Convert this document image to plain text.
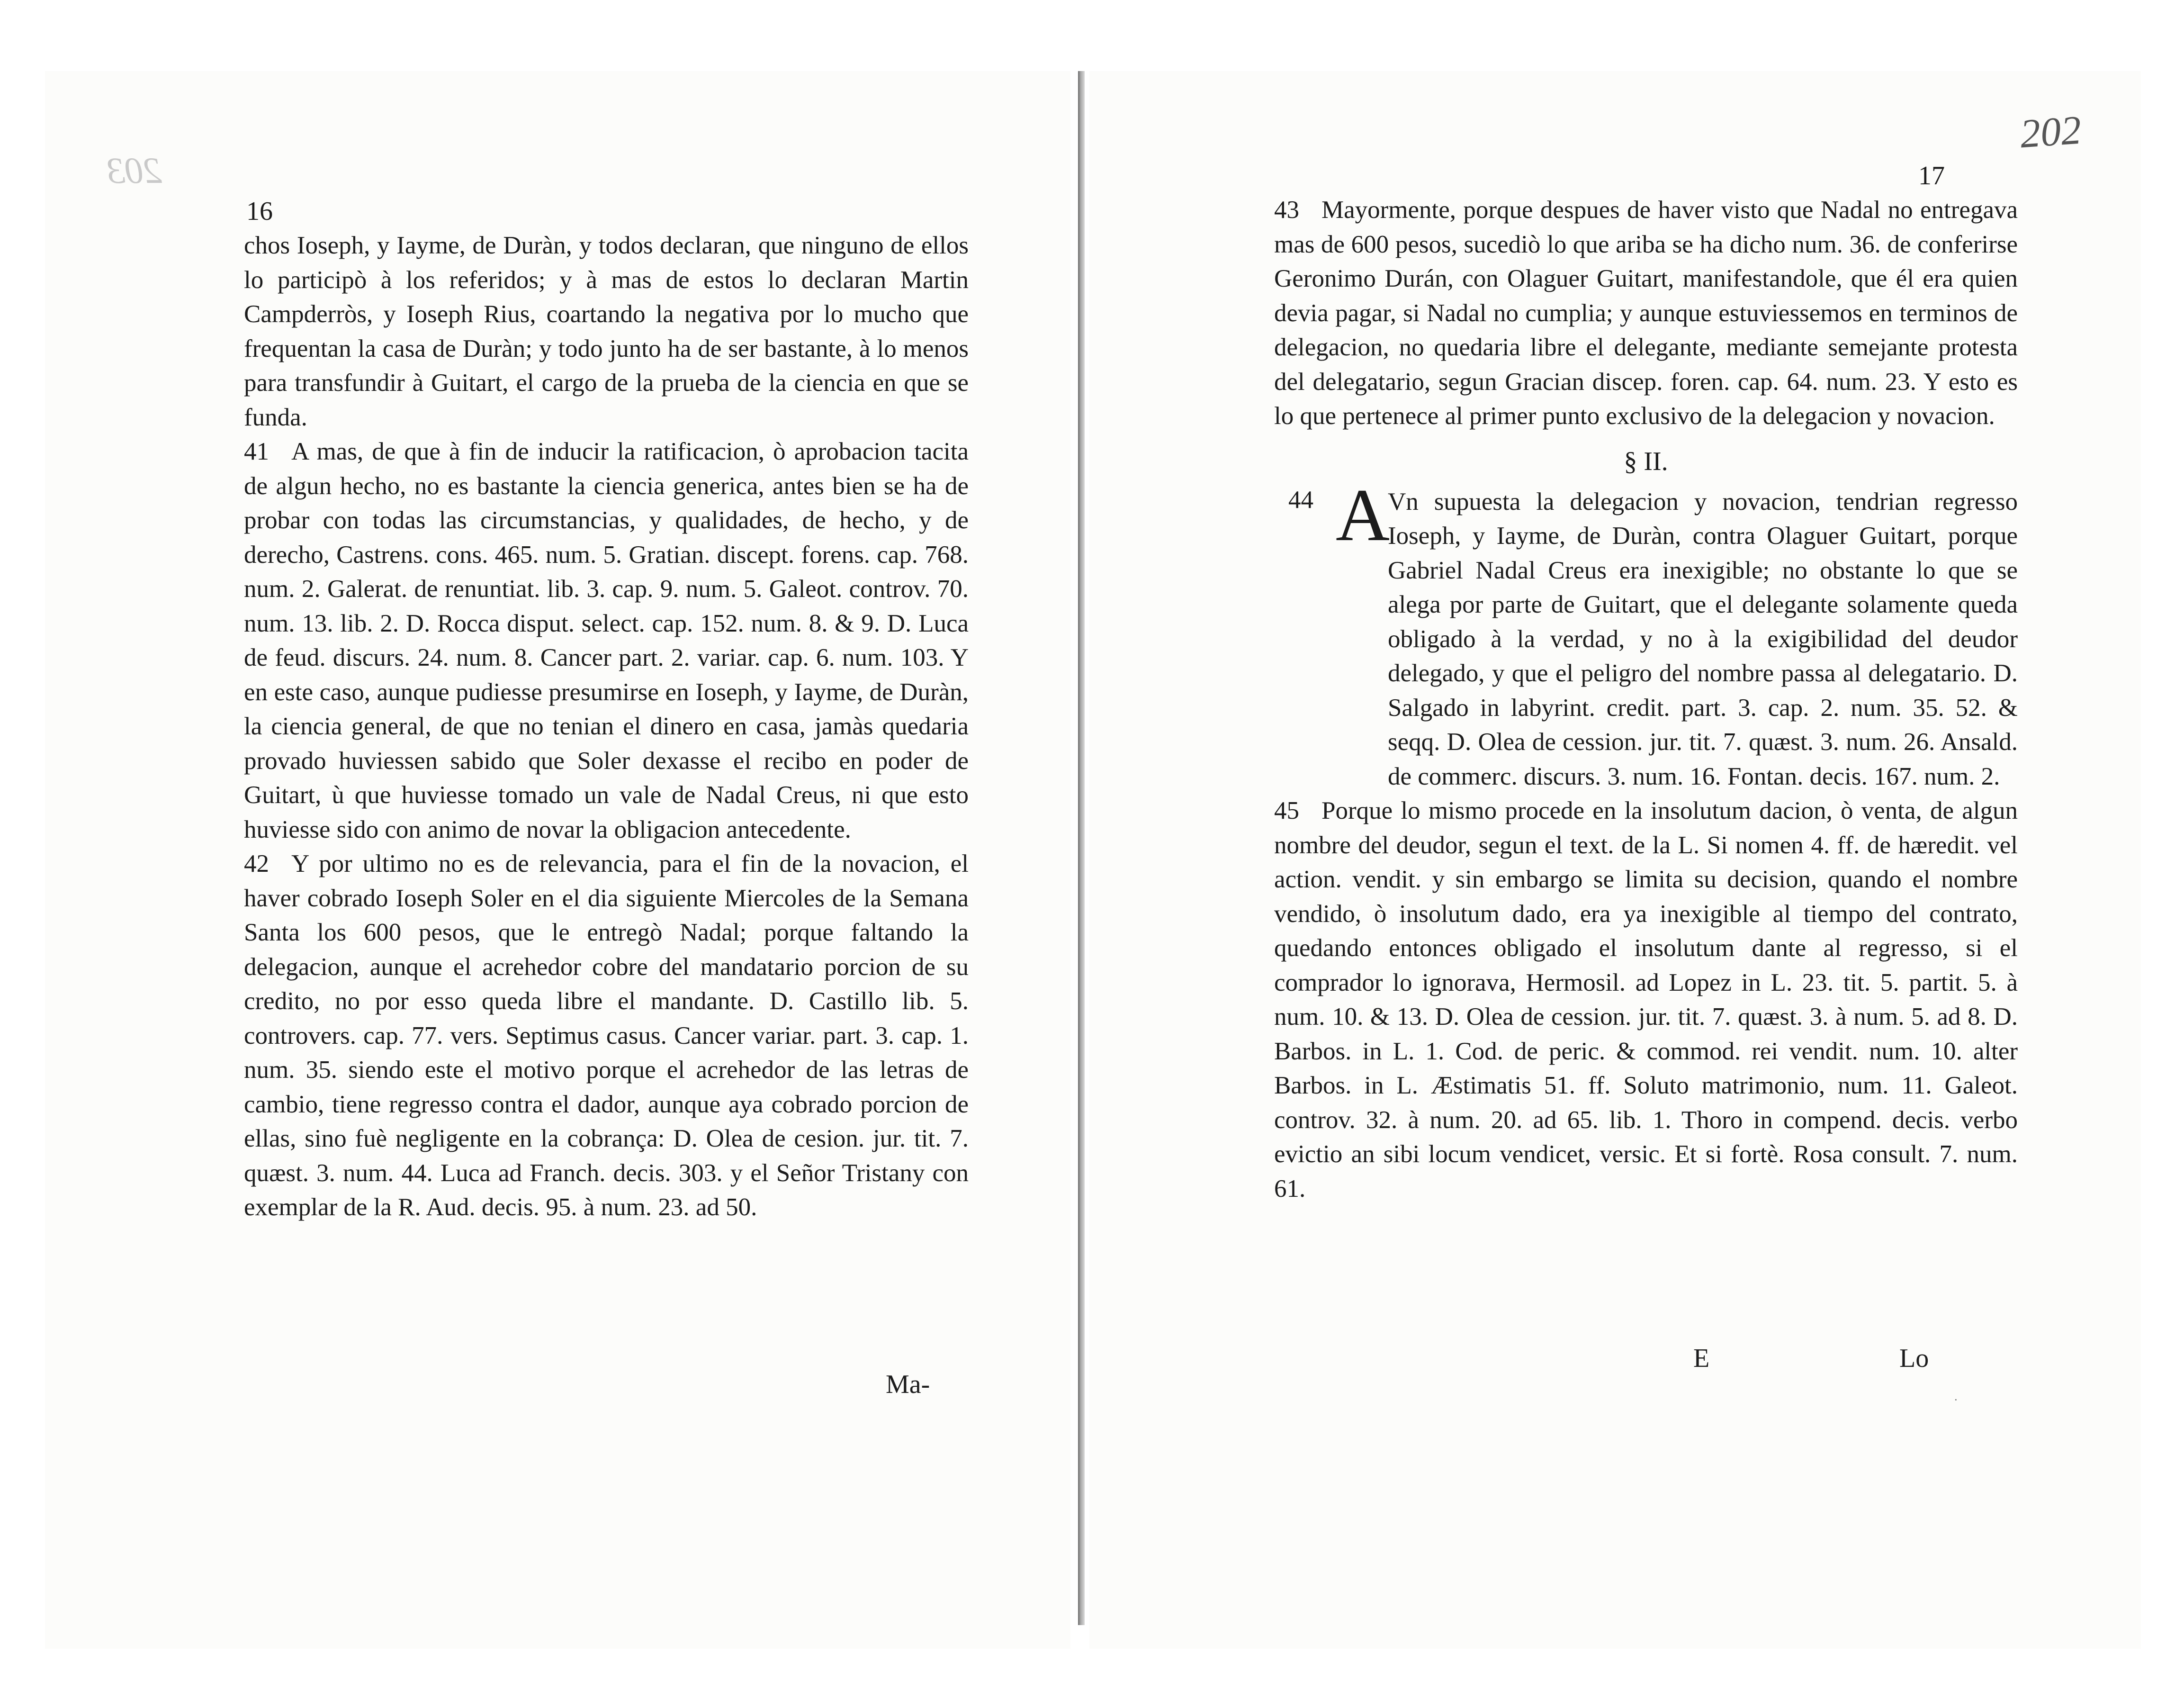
203
202
16
17

chos Ioseph, y Iayme, de Duràn, y todos declaran, que ninguno de ellos lo participò à los referidos; y à mas de estos lo declaran Martin Campderròs, y Ioseph Rius, coartando la negativa por lo mucho que frequentan la casa de Duràn; y todo junto ha de ser bastante, à lo menos para transfundir à Guitart, el cargo de la prueba de la ciencia en que se funda.

41 A mas, de que à fin de inducir la ratificacion, ò aprobacion tacita de algun hecho, no es bastante la ciencia generica, antes bien se ha de probar con todas las circumstancias, y qualidades, de hecho, y de derecho, Castrens. cons. 465. num. 5. Gratian. discept. forens. cap. 768. num. 2. Galerat. de renuntiat. lib. 3. cap. 9. num. 5. Galeot. controv. 70. num. 13. lib. 2. D. Rocca disput. select. cap. 152. num. 8. & 9. D. Luca de feud. discurs. 24. num. 8. Cancer part. 2. variar. cap. 6. num. 103. Y en este caso, aunque pudiesse presumirse en Ioseph, y Iayme, de Duràn, la ciencia general, de que no tenian el dinero en casa, jamàs quedaria provado huviessen sabido que Soler dexasse el recibo en poder de Guitart, ù que huviesse tomado un vale de Nadal Creus, ni que esto huviesse sido con animo de novar la obligacion antecedente.

42 Y por ultimo no es de relevancia, para el fin de la novacion, el haver cobrado Ioseph Soler en el dia siguiente Miercoles de la Semana Santa los 600 pesos, que le entregò Nadal; porque faltando la delegacion, aunque el acrehedor cobre del mandatario porcion de su credito, no por esso queda libre el mandante. D. Castillo lib. 5. controvers. cap. 77. vers. Septimus casus. Cancer variar. part. 3. cap. 1. num. 35. siendo este el motivo porque el acrehedor de las letras de cambio, tiene regresso contra el dador, aunque aya cobrado porcion de ellas, sino fuè negligente en la cobrança: D. Olea de cesion. jur. tit. 7. quæst. 3. num. 44. Luca ad Franch. decis. 303. y el Señor Tristany con exemplar de la R. Aud. decis. 95. à num. 23. ad 50.

Ma-

43 Mayormente, porque despues de haver visto que Nadal no entregava mas de 600 pesos, sucediò lo que ariba se ha dicho num. 36. de conferirse Geronimo Durán, con Olaguer Guitart, manifestandole, que él era quien devia pagar, si Nadal no cumplia; y aunque estuviessemos en terminos de delegacion, no quedaria libre el delegante, mediante semejante protesta del delegatario, segun Gracian discep. foren. cap. 64. num. 23. Y esto es lo que pertenece al primer punto exclusivo de la delegacion y novacion.

§ II.
44 A

Vn supuesta la delegacion y novacion, tendrian regresso Ioseph, y Iayme, de Duràn, contra Olaguer Guitart, porque Gabriel Nadal Creus era inexigible; no obstante lo que se alega por parte de Guitart, que el delegante solamente queda obligado à la verdad, y no à la exigibilidad del deudor delegado, y que el peligro del nombre passa al delegatario. D. Salgado in labyrint. credit. part. 3. cap. 2. num. 35. 52. & seqq. D. Olea de cession. jur. tit. 7. quæst. 3. num. 26. Ansald. de commerc. discurs. 3. num. 16. Fontan. decis. 167. num. 2.

45 Porque lo mismo procede en la insolutum dacion, ò venta, de algun nombre del deudor, segun el text. de la L. Si nomen 4. ff. de hæredit. vel action. vendit. y sin embargo se limita su decision, quando el nombre vendido, ò insolutum dado, era ya inexigible al tiempo del contrato, quedando entonces obligado el insolutum dante al regresso, si el comprador lo ignorava, Hermosil. ad Lopez in L. 23. tit. 5. partit. 5. à num. 10. & 13. D. Olea de cession. jur. tit. 7. quæst. 3. à num. 5. ad 8. D. Barbos. in L. 1. Cod. de peric. & commod. rei vendit. num. 10. alter Barbos. in L. Æstimatis 51. ff. Soluto matrimonio, num. 11. Galeot. controv. 32. à num. 20. ad 65. lib. 1. Thoro in compend. decis. verbo evictio an sibi locum vendicet, versic. Et si fortè. Rosa consult. 7. num. 61.

E	Lo
·
